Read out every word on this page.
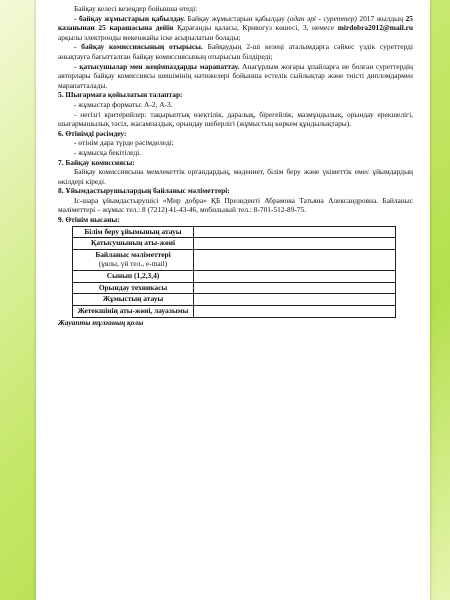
Байқау келесі кезеңдер бойынша өтеді:

- байқау жұмыстарын қабылдау. Байқау жұмыстарын қабылдау (одан әрі - суреттер) 2017 жылдың 25 казанынан 25 карашасына дейін Қарағанды қаласы, Кривогуз көшесі, 3, немесе mirdobra2012@mail.ru арқылы электронды мекенжайы іске асырылатын болады;

- байқау комиссиясының отырысы. Байқаудың 2-ші кезеңі аталымдарға сәйкес үздік суреттерді анықтауға бағытталған байқау комиссиясының отырысын білдіреді;

- қатысушылар мен жеңімпаздарды марапаттау. Анағұрлым жоғары ұпайларға ие болған суреттердің авторлары байқау комиссиясы шешімінің нәтижелері бойынша естелік сыйлықтар және тиісті дипломдармен марапатталады.

5. Шығармаға қойылатын талаптар:

- жұмыстар форматы: А-2, А-3.

- негізгі критерийлер: тақырыптық өзектілік, даралық, бірегейлік, мазмұндылық, орындау ерекшелігі, шығармашылық тәсіл, жасампаздық, орындау шеберлігі (жұмыстың көркем құндылықтары).

6. Өтінімді рәсімдеу:

- өтінім дара түрде рәсімделеді;

- жұмысқа бекітіледі.

7. Байқау комиссиясы:

Байқау комиссиясына мемлекеттік органдардың, мәдениет, білім беру және үкіметтік емес ұйымдардың өкілдері кіреді.

8. Ұйымдастырушылардың байланыс мәліметтері:

Іс-шара ұйымдастырушісі «Мир добра» ҚБ Президенті Абрамова Татьяна Александровна. Байланыс мәліметтері – жұмыс тел.: 8 (7212) 41-43-46, мобильный тел.: 8-701-512-89-75.

9. Өтінім нысаны:

Білім беру ұйымының атауы	
Қатысушының аты-жөні	
Байланыс мәліметтері
(ұялы, үй тел., e-mail)	

Сынып (1,2,3,4)	
Орындау техникасы	
Жұмыстың атауы	
Жетекшінің аты-жөні, лауазымы	

Жауапты тұлғаның қолы
